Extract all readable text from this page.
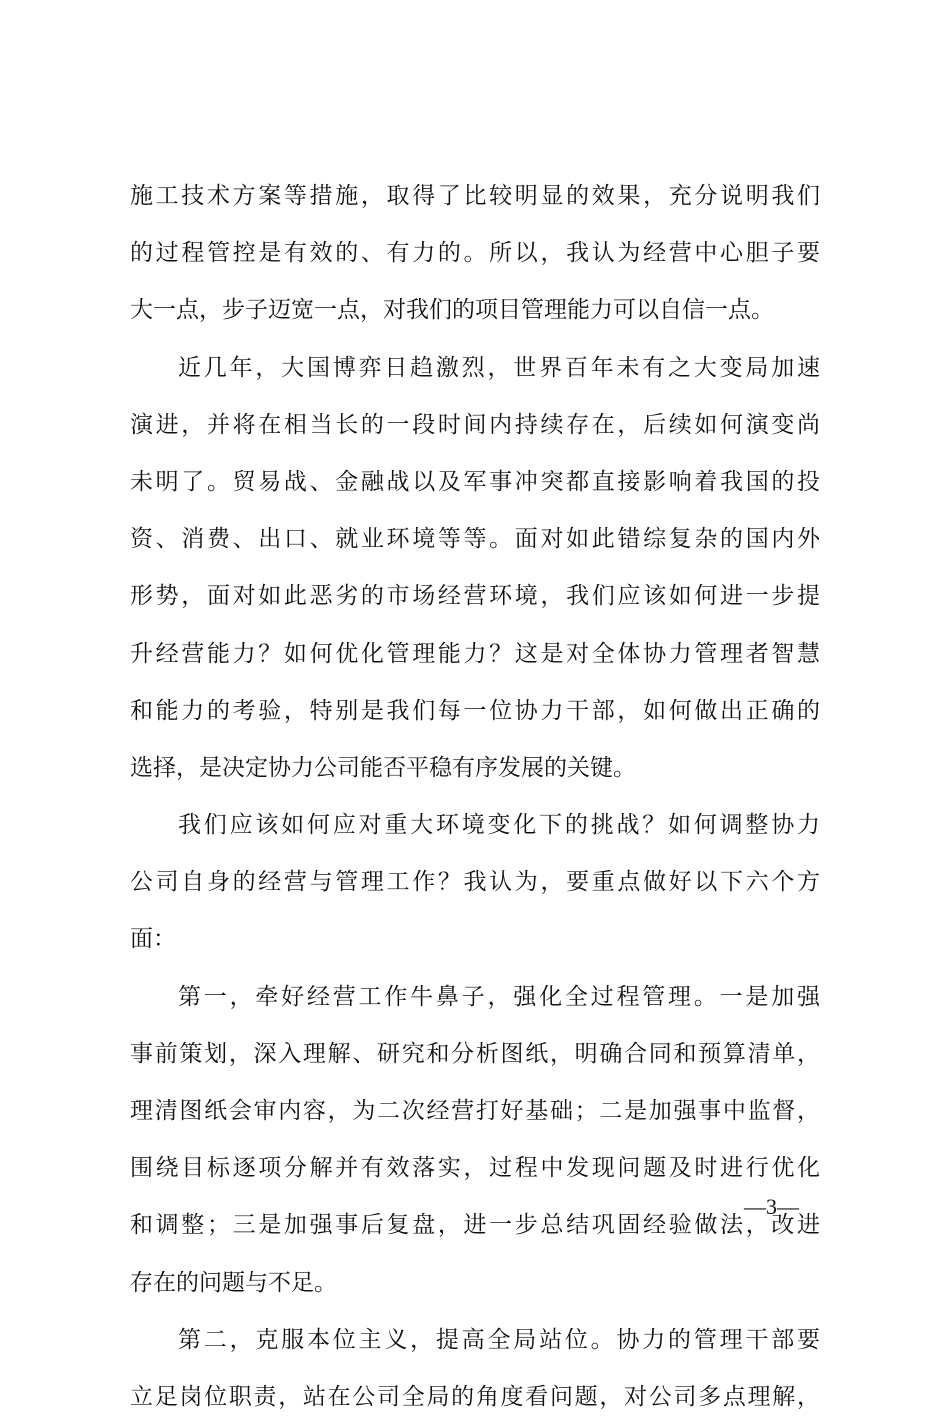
施工技术方案等措施，取得了比较明显的效果，充分说明我们
的过程管控是有效的、有力的。所以，我认为经营中心胆子要
大一点，步子迈宽一点，对我们的项目管理能力可以自信一点。
近几年，大国博弈日趋激烈，世界百年未有之大变局加速
演进，并将在相当长的一段时间内持续存在，后续如何演变尚
未明了。贸易战、金融战以及军事冲突都直接影响着我国的投
资、消费、出口、就业环境等等。面对如此错综复杂的国内外
形势，面对如此恶劣的市场经营环境，我们应该如何进一步提
升经营能力？如何优化管理能力？这是对全体协力管理者智慧
和能力的考验，特别是我们每一位协力干部，如何做出正确的
选择，是决定协力公司能否平稳有序发展的关键。
我们应该如何应对重大环境变化下的挑战？如何调整协力
公司自身的经营与管理工作？我认为，要重点做好以下六个方
面：
第一，牵好经营工作牛鼻子，强化全过程管理。一是加强
事前策划，深入理解、研究和分析图纸，明确合同和预算清单，
理清图纸会审内容，为二次经营打好基础；二是加强事中监督，
围绕目标逐项分解并有效落实，过程中发现问题及时进行优化
和调整；三是加强事后复盘，进一步总结巩固经验做法，改进
存在的问题与不足。
第二，克服本位主义，提高全局站位。协力的管理干部要
立足岗位职责，站在公司全局的角度看问题，对公司多点理解，
—3—
